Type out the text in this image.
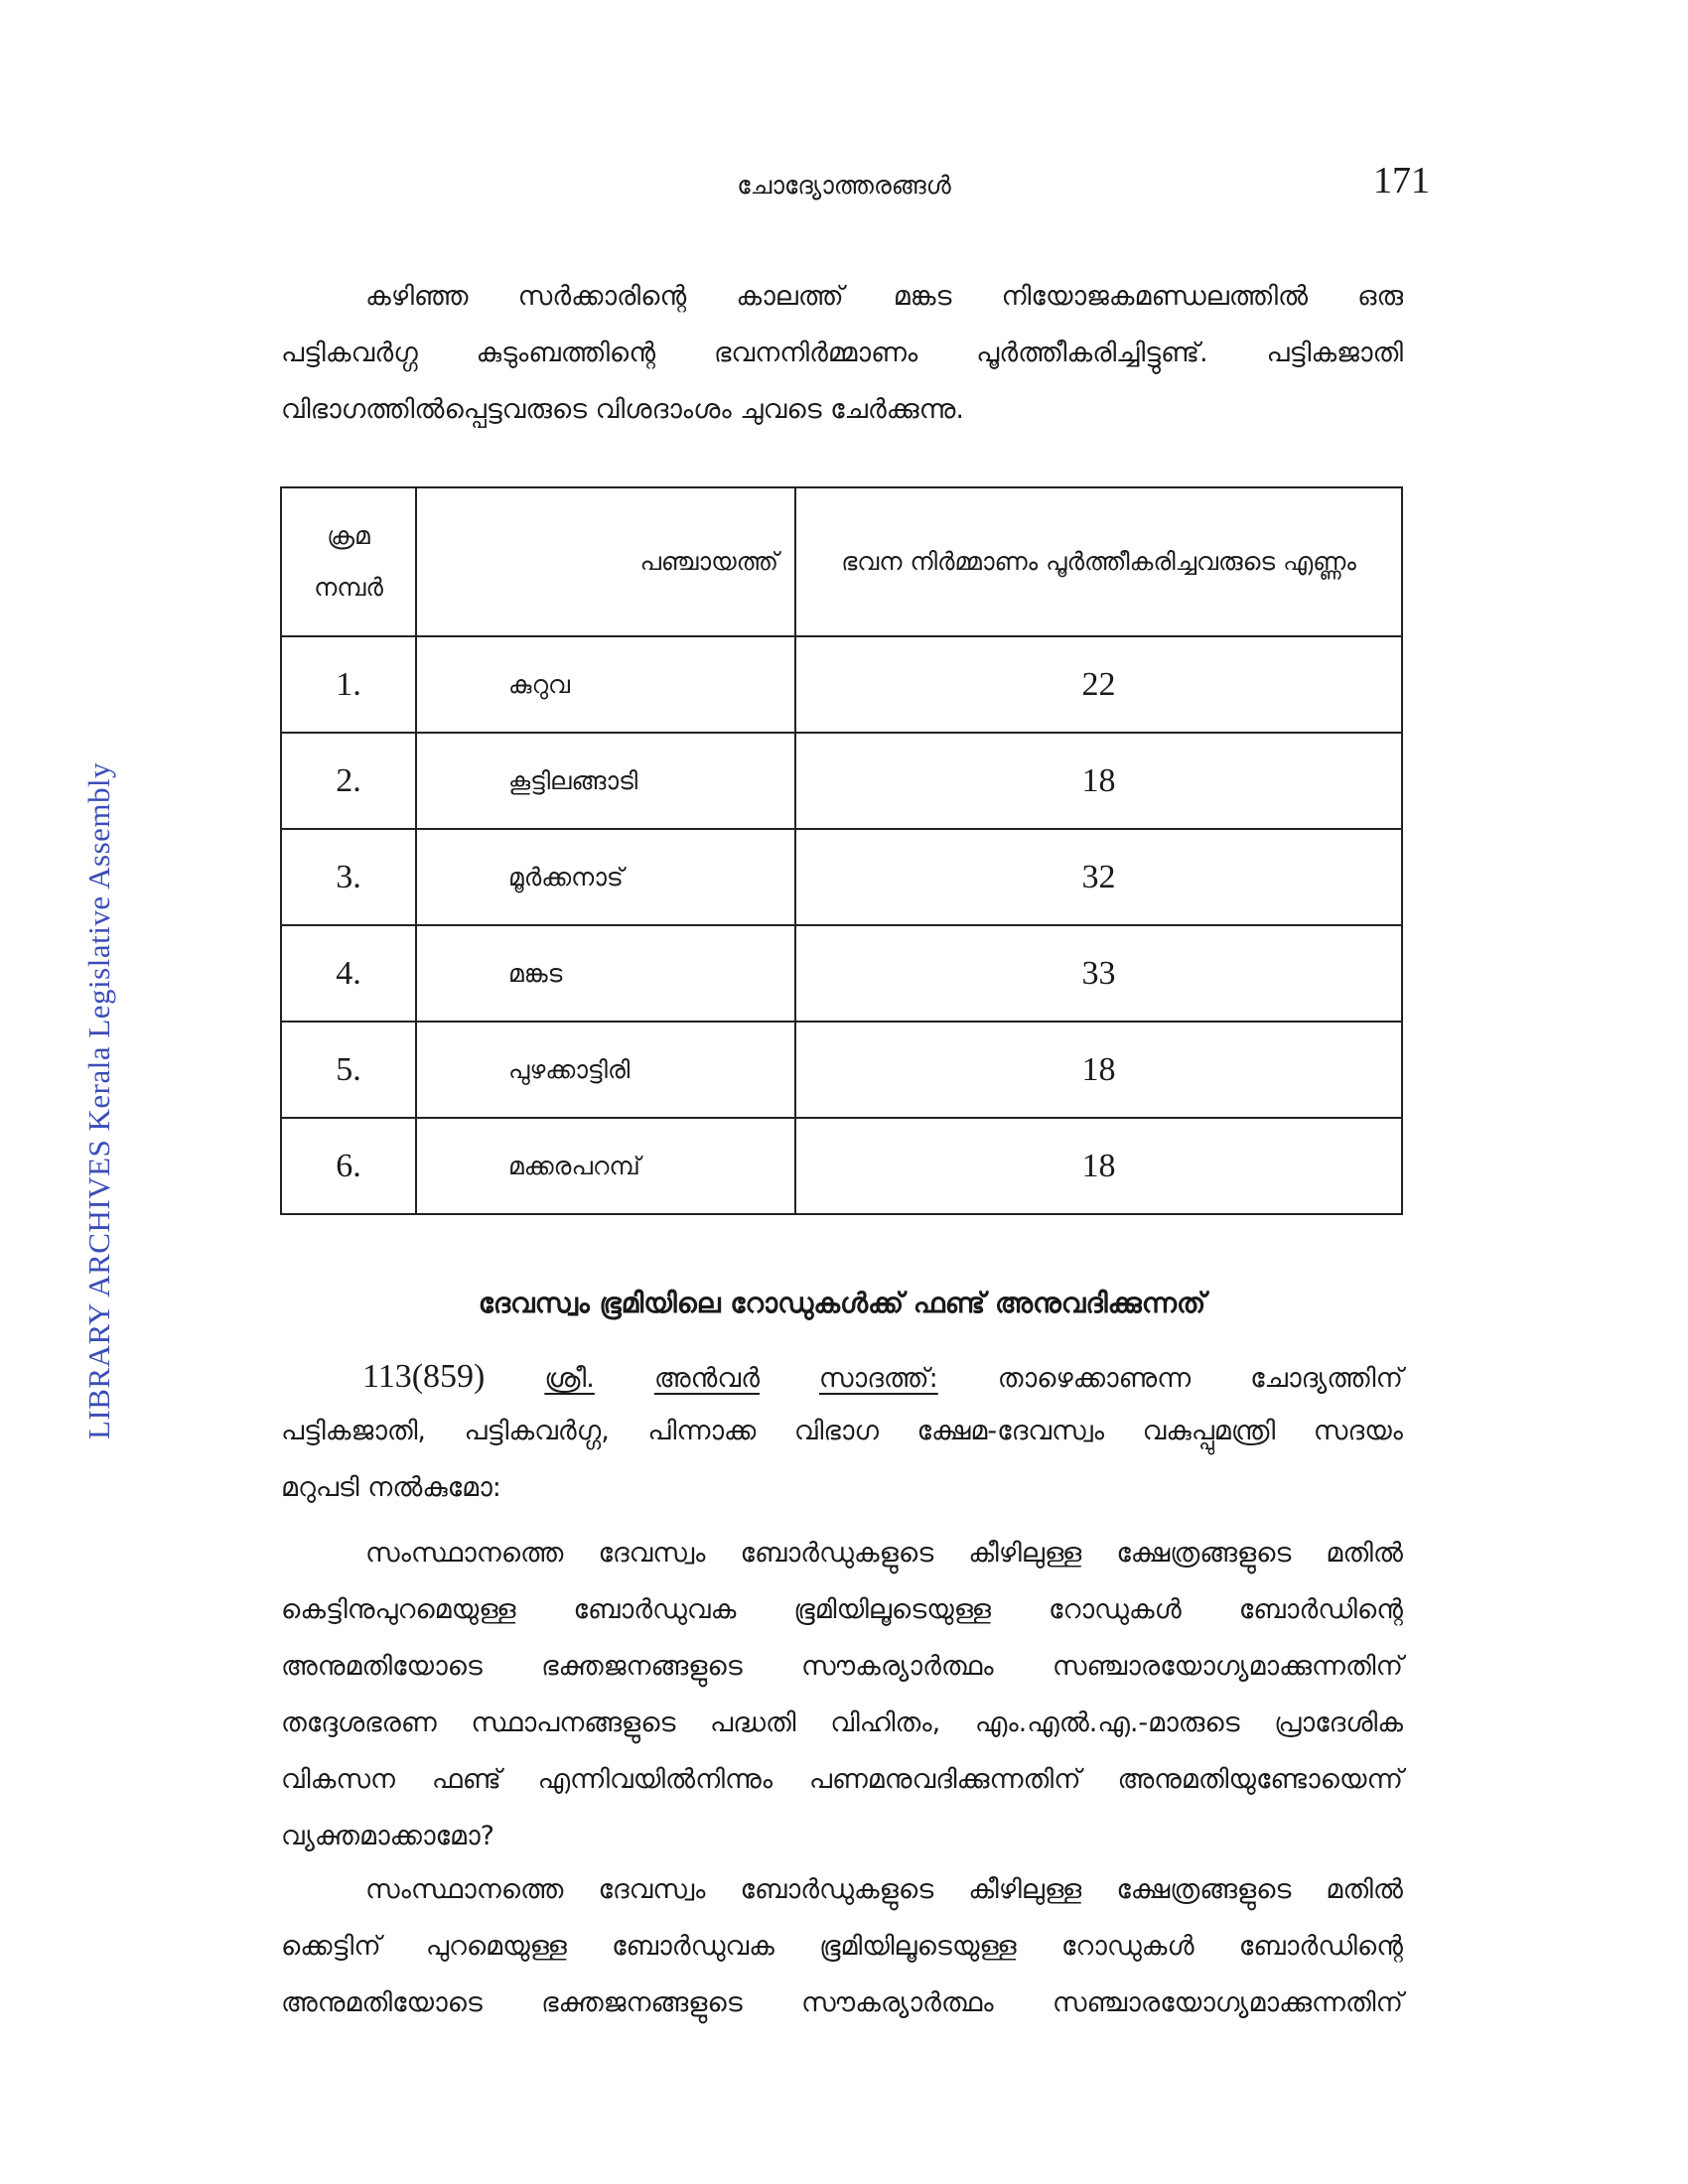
LIBRARY ARCHIVES Kerala Legislative Assembly
ചോദ്യോത്തരങ്ങൾ	171
കഴിഞ്ഞ സർക്കാരിന്റെ കാലത്ത് മങ്കട നിയോജകമണ്ഡലത്തിൽ ഒരു
പട്ടികവർഗ്ഗ കുടുംബത്തിന്റെ ഭവനനിർമ്മാണം പൂർത്തീകരിച്ചിട്ടുണ്ട്. പട്ടികജാതി
വിഭാഗത്തിൽപ്പെട്ടവരുടെ വിശദാംശം ചുവടെ ചേർക്കുന്നു.
ക്രമ
നമ്പർ	പഞ്ചായത്ത്	ഭവന നിർമ്മാണം പൂർത്തീകരിച്ചവരുടെ എണ്ണം
1.	കുറുവ	22
2.	കൂട്ടിലങ്ങാടി	18
3.	മൂർക്കനാട്	32
4.	മങ്കട	33
5.	പുഴക്കാട്ടിരി	18
6.	മക്കരപറമ്പ്	18
ദേവസ്വം ഭൂമിയിലെ റോഡുകൾക്ക് ഫണ്ട് അനുവദിക്കുന്നത്
113(859) ശ്രീ. അൻവർ സാദത്ത്: താഴെക്കാണുന്ന ചോദ്യത്തിന്
പട്ടികജാതി, പട്ടികവർഗ്ഗ, പിന്നാക്ക വിഭാഗ ക്ഷേമ-ദേവസ്വം വകുപ്പുമന്ത്രി സദയം
മറുപടി നൽകുമോ:
സംസ്ഥാനത്തെ ദേവസ്വം ബോർഡുകളുടെ കീഴിലുള്ള ക്ഷേത്രങ്ങളുടെ മതിൽ
കെട്ടിനുപുറമെയുള്ള ബോർഡുവക ഭൂമിയിലൂടെയുള്ള റോഡുകൾ ബോർഡിന്റെ
അനുമതിയോടെ ഭക്തജനങ്ങളുടെ സൗകര്യാർത്ഥം സഞ്ചാരയോഗ്യമാക്കുന്നതിന്
തദ്ദേശഭരണ സ്ഥാപനങ്ങളുടെ പദ്ധതി വിഹിതം, എം.എൽ.എ.-മാരുടെ പ്രാദേശിക
വികസന ഫണ്ട് എന്നിവയിൽനിന്നും പണമനുവദിക്കുന്നതിന് അനുമതിയുണ്ടോയെന്ന്
വ്യക്തമാക്കാമോ?
സംസ്ഥാനത്തെ ദേവസ്വം ബോർഡുകളുടെ കീഴിലുള്ള ക്ഷേത്രങ്ങളുടെ മതിൽ
ക്കെട്ടിന് പുറമെയുള്ള ബോർഡുവക ഭൂമിയിലൂടെയുള്ള റോഡുകൾ ബോർഡിന്റെ
അനുമതിയോടെ ഭക്തജനങ്ങളുടെ സൗകര്യാർത്ഥം സഞ്ചാരയോഗ്യമാക്കുന്നതിന്
